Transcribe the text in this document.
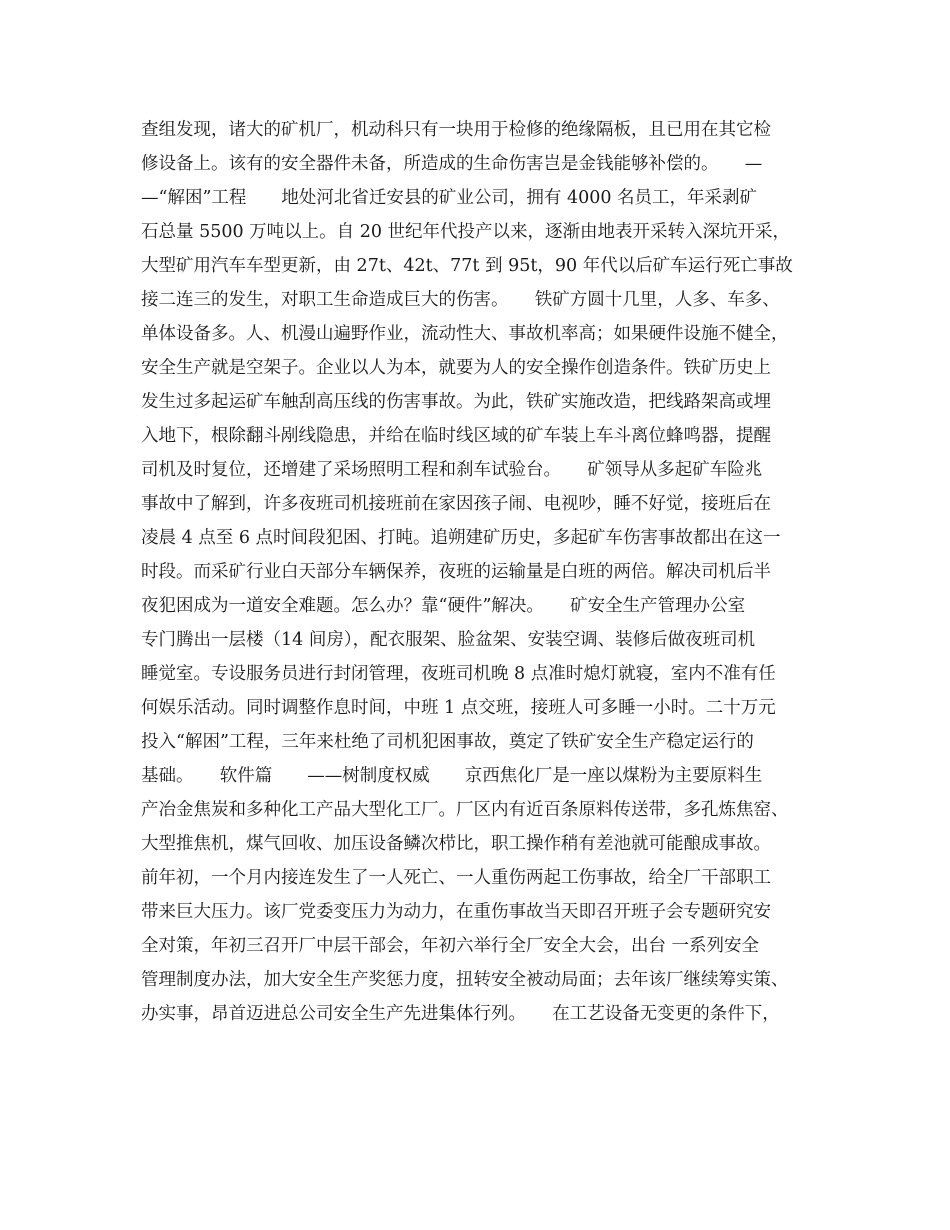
查组发现，诸大的矿机厂，机动科只有一块用于检修的绝缘隔板，且已用在其它检
修设备上。该有的安全器件未备，所造成的生命伤害岂是金钱能够补偿的。　　—
—“解困”工程　　地处河北省迁安县的矿业公司，拥有 4000 名员工，年采剥矿
石总量 5500 万吨以上。自 20 世纪年代投产以来，逐渐由地表开采转入深坑开采，
大型矿用汽车车型更新，由 27t、42t、77t 到 95t，90 年代以后矿车运行死亡事故
接二连三的发生，对职工生命造成巨大的伤害。　　铁矿方圆十几里，人多、车多、
单体设备多。人、机漫山遍野作业，流动性大、事故机率高；如果硬件设施不健全，
安全生产就是空架子。企业以人为本，就要为人的安全操作创造条件。铁矿历史上
发生过多起运矿车触刮高压线的伤害事故。为此，铁矿实施改造，把线路架高或埋
入地下，根除翻斗剐线隐患，并给在临时线区域的矿车装上车斗离位蜂鸣器，提醒
司机及时复位，还增建了采场照明工程和刹车试验台。　　矿领导从多起矿车险兆
事故中了解到，许多夜班司机接班前在家因孩子闹、电视吵，睡不好觉，接班后在
凌晨 4 点至 6 点时间段犯困、打盹。追朔建矿历史，多起矿车伤害事故都出在这一
时段。而采矿行业白天部分车辆保养，夜班的运输量是白班的两倍。解决司机后半
夜犯困成为一道安全难题。怎么办？靠“硬件”解决。　　矿安全生产管理办公室
专门腾出一层楼（14 间房），配衣服架、脸盆架、安装空调、装修后做夜班司机
睡觉室。专设服务员进行封闭管理，夜班司机晚 8 点准时熄灯就寝，室内不准有任
何娱乐活动。同时调整作息时间，中班 1 点交班，接班人可多睡一小时。二十万元
投入“解困”工程，三年来杜绝了司机犯困事故，奠定了铁矿安全生产稳定运行的
基础。　　软件篇　　——树制度权威　　京西焦化厂是一座以煤粉为主要原料生
产冶金焦炭和多种化工产品大型化工厂。厂区内有近百条原料传送带，多孔炼焦窑、
大型推焦机，煤气回收、加压设备鳞次栉比，职工操作稍有差池就可能酿成事故。
前年初，一个月内接连发生了一人死亡、一人重伤两起工伤事故，给全厂干部职工
带来巨大压力。该厂党委变压力为动力，在重伤事故当天即召开班子会专题研究安
全对策，年初三召开厂中层干部会，年初六举行全厂安全大会，出台 一系列安全
管理制度办法，加大安全生产奖惩力度，扭转安全被动局面；去年该厂继续筹实策、
办实事，昂首迈进总公司安全生产先进集体行列。　　在工艺设备无变更的条件下，
